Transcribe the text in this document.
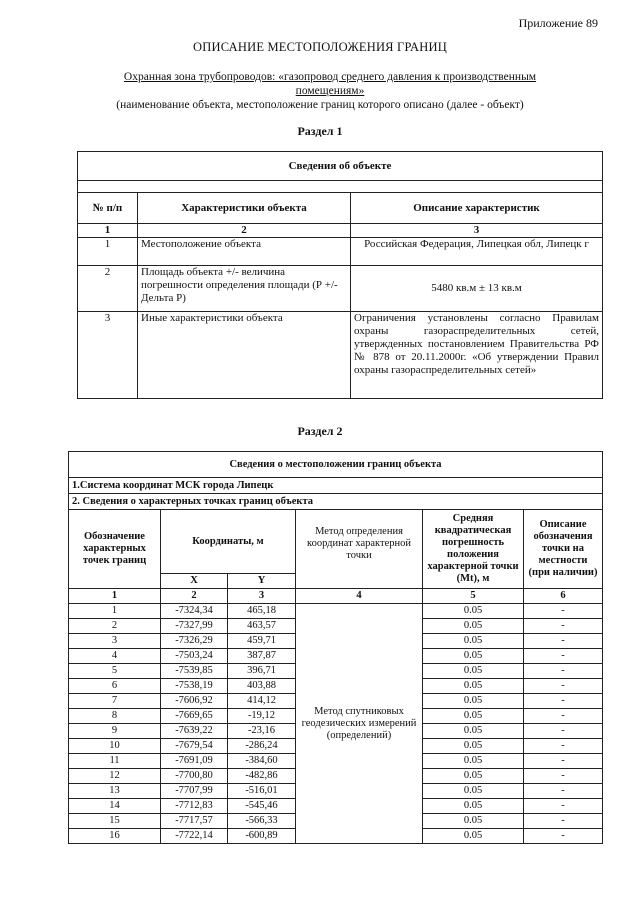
Приложение 89
ОПИСАНИЕ МЕСТОПОЛОЖЕНИЯ ГРАНИЦ
Охранная зона трубопроводов: «газопровод среднего давления к производственным
помещениям»
(наименование объекта, местоположение границ которого описано (далее - объект)
Раздел 1
Сведения об объекте		

№ п/п	Характеристики объекта	Описание характеристик
1	2	3
1	Местоположение объекта	Российская Федерация, Липецкая обл, Липецк г
2	Площадь объекта +/- величина погрешности определения площади (Р +/- Дельта Р)	5480 кв.м ± 13 кв.м
3	Иные характеристики объекта	Ограничения установлены согласно Правилам охраны газораспределительных сетей, утвержденных постановлением Правительства РФ № 878 от 20.11.2000г. «Об утверждении Правил охраны газораспределительных сетей»
Раздел 2
Сведения о местоположении границ объекта					
1.Система координат МСК города Липецк					
2. Сведения о характерных точках границ объекта					
Обозначение характерных точек границ	Координаты, м		Метод определения координат характерной точки	Средняя квадратическая погрешность положения характерной точки (Mt), м	Описание обозначения точки на местности (при наличии)
	X	Y			
1	2	3	4	5	6
1	-7324,34	465,18	Метод спутниковых геодезических измерений (определений)	0.05	-
2	-7327,99	463,57		0.05	-
3	-7326,29	459,71		0.05	-
4	-7503,24	387,87		0.05	-
5	-7539,85	396,71		0.05	-
6	-7538,19	403,88		0.05	-
7	-7606,92	414,12		0.05	-
8	-7669,65	-19,12		0.05	-
9	-7639,22	-23,16		0.05	-
10	-7679,54	-286,24		0.05	-
11	-7691,09	-384,60		0.05	-
12	-7700,80	-482,86		0.05	-
13	-7707,99	-516,01		0.05	-
14	-7712,83	-545,46		0.05	-
15	-7717,57	-566,33		0.05	-
16	-7722,14	-600,89		0.05	-
